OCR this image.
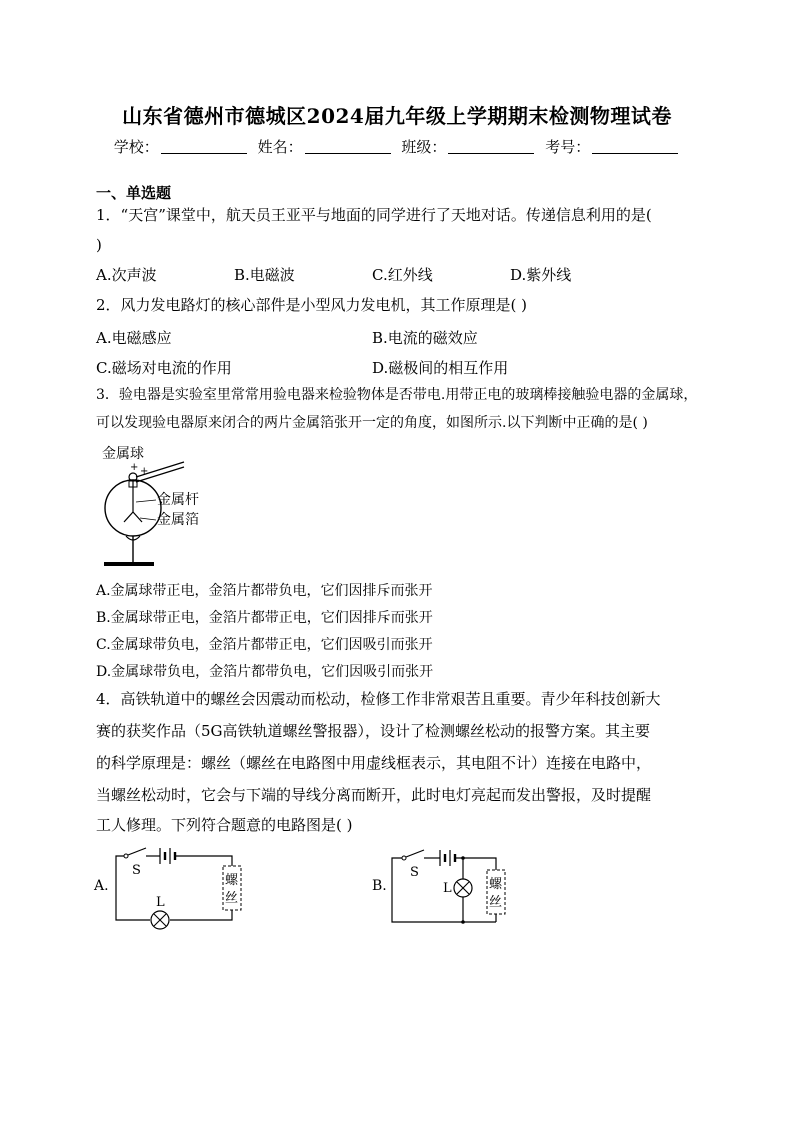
山东省德州市德城区2024届九年级上学期期末检测物理试卷
学校：	姓名：	班级：	考号：
一、单选题
1．“天宫”课堂中，航天员王亚平与地面的同学进行了天地对话。传递信息利用的是(
)
A.次声波	B.电磁波	C.红外线	D.紫外线
2．风力发电路灯的核心部件是小型风力发电机，其工作原理是( )
A.电磁感应	B.电流的磁效应
C.磁场对电流的作用	D.磁极间的相互作用
3．验电器是实验室里常常用验电器来检验物体是否带电.用带正电的玻璃棒接触验电器的金属球，
可以发现验电器原来闭合的两片金属箔张开一定的角度，如图所示.以下判断中正确的是( )
金属球
+ +
金属杆
金属箔
A.金属球带正电，金箔片都带负电，它们因排斥而张开
B.金属球带正电，金箔片都带正电，它们因排斥而张开
C.金属球带负电，金箔片都带正电，它们因吸引而张开
D.金属球带负电，金箔片都带负电，它们因吸引而张开
4．高铁轨道中的螺丝会因震动而松动，检修工作非常艰苦且重要。青少年科技创新大
赛的获奖作品（5G高铁轨道螺丝警报器），设计了检测螺丝松动的报警方案。其主要
的科学原理是：螺丝（螺丝在电路图中用虚线框表示，其电阻不计）连接在电路中，
当螺丝松动时，它会与下端的导线分离而断开，此时电灯亮起而发出警报，及时提醒
工人修理。下列符合题意的电路图是( )
A.
S
螺
丝
L
B.
S
L	螺
丝
